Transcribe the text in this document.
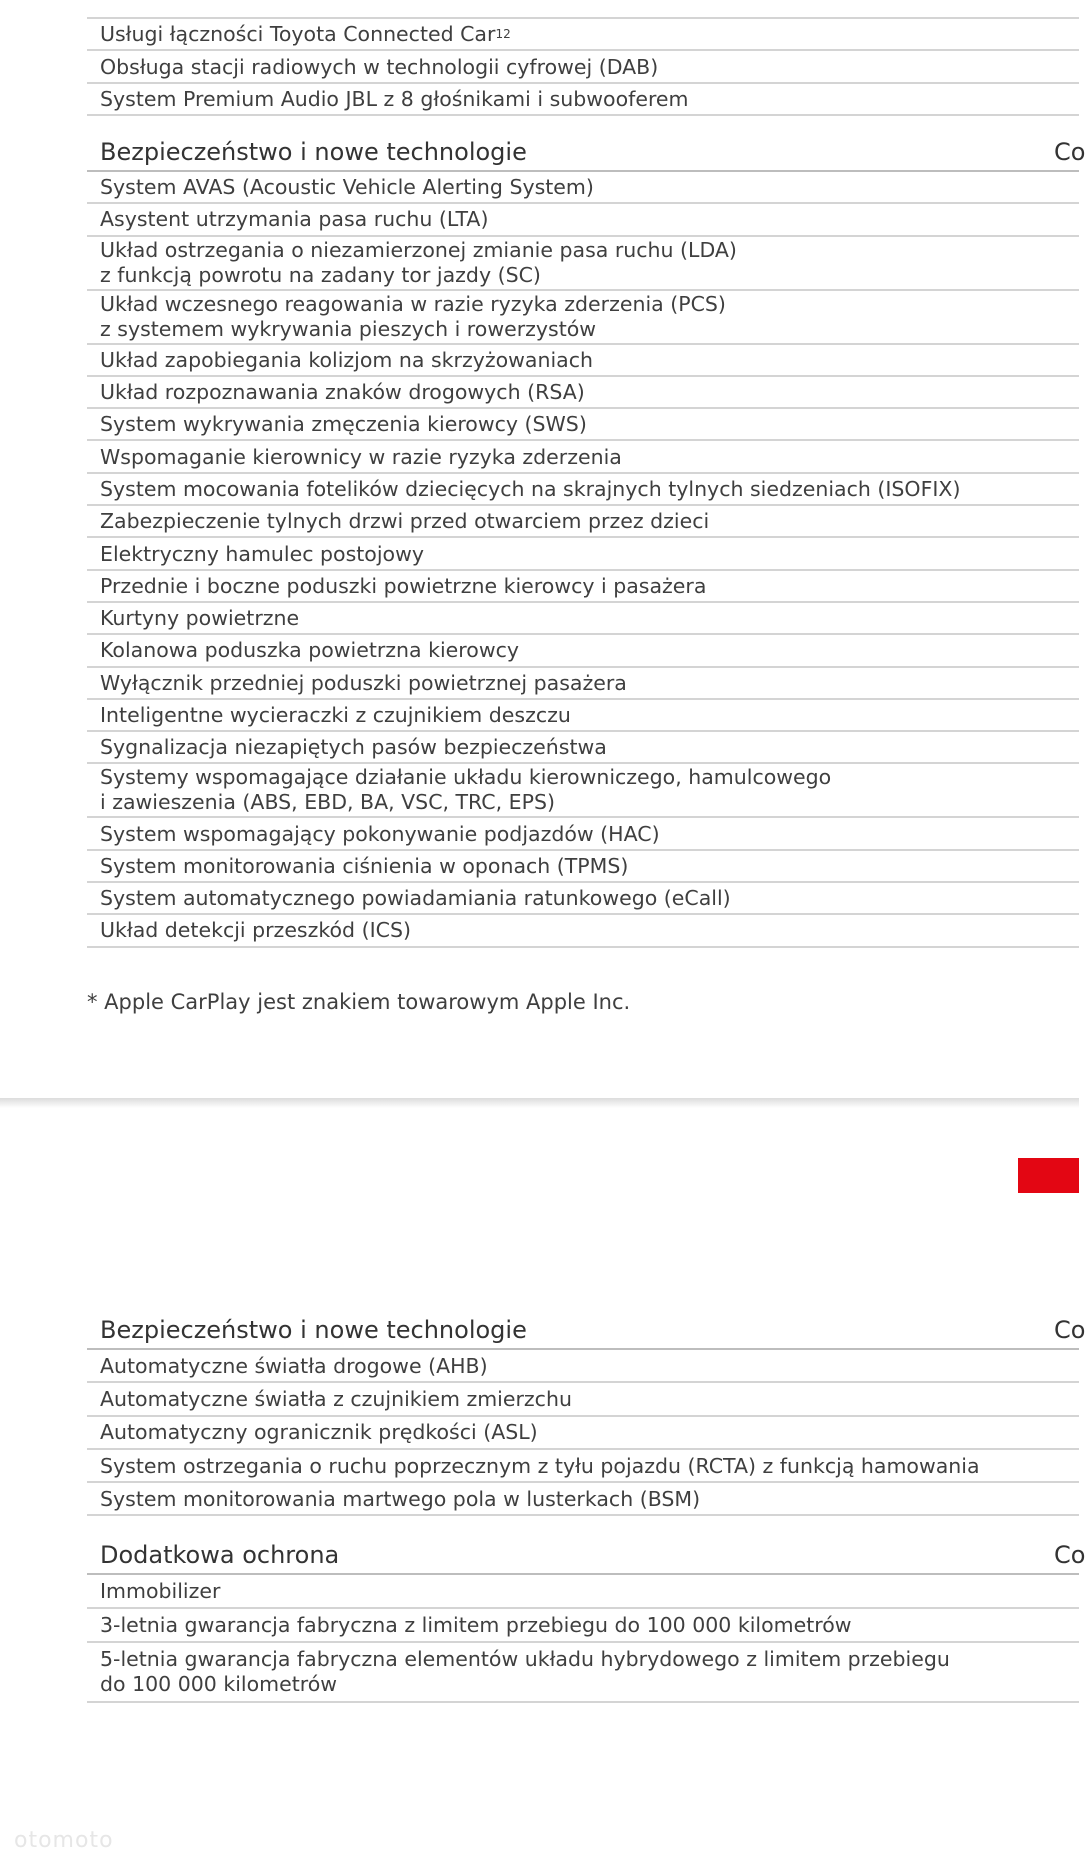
Usługi łączności Toyota Connected Car 12
Obsługa stacji radiowych w technologii cyfrowej (DAB)
System Premium Audio JBL z 8 głośnikami i subwooferem
Bezpieczeństwo i nowe technologie	Co
System AVAS (Acoustic Vehicle Alerting System)
Asystent utrzymania pasa ruchu (LTA)
Układ ostrzegania o niezamierzonej zmianie pasa ruchu (LDA)
z funkcją powrotu na zadany tor jazdy (SC)
Układ wczesnego reagowania w razie ryzyka zderzenia (PCS)
z systemem wykrywania pieszych i rowerzystów
Układ zapobiegania kolizjom na skrzyżowaniach
Układ rozpoznawania znaków drogowych (RSA)
System wykrywania zmęczenia kierowcy (SWS)
Wspomaganie kierownicy w razie ryzyka zderzenia
System mocowania fotelików dziecięcych na skrajnych tylnych siedzeniach (ISOFIX)
Zabezpieczenie tylnych drzwi przed otwarciem przez dzieci
Elektryczny hamulec postojowy
Przednie i boczne poduszki powietrzne kierowcy i pasażera
Kurtyny powietrzne
Kolanowa poduszka powietrzna kierowcy
Wyłącznik przedniej poduszki powietrznej pasażera
Inteligentne wycieraczki z czujnikiem deszczu
Sygnalizacja niezapiętych pasów bezpieczeństwa
Systemy wspomagające działanie układu kierowniczego, hamulcowego
i zawieszenia (ABS, EBD, BA, VSC, TRC, EPS)
System wspomagający pokonywanie podjazdów (HAC)
System monitorowania ciśnienia w oponach (TPMS)
System automatycznego powiadamiania ratunkowego (eCall)
Układ detekcji przeszkód (ICS)
* Apple CarPlay jest znakiem towarowym Apple Inc.
Bezpieczeństwo i nowe technologie	Co
Automatyczne światła drogowe (AHB)
Automatyczne światła z czujnikiem zmierzchu
Automatyczny ogranicznik prędkości (ASL)
System ostrzegania o ruchu poprzecznym z tyłu pojazdu (RCTA) z funkcją hamowania
System monitorowania martwego pola w lusterkach (BSM)
Dodatkowa ochrona	Co
Immobilizer
3-letnia gwarancja fabryczna z limitem przebiegu do 100 000 kilometrów
5-letnia gwarancja fabryczna elementów układu hybrydowego z limitem przebiegu
do 100 000 kilometrów
otomoto
